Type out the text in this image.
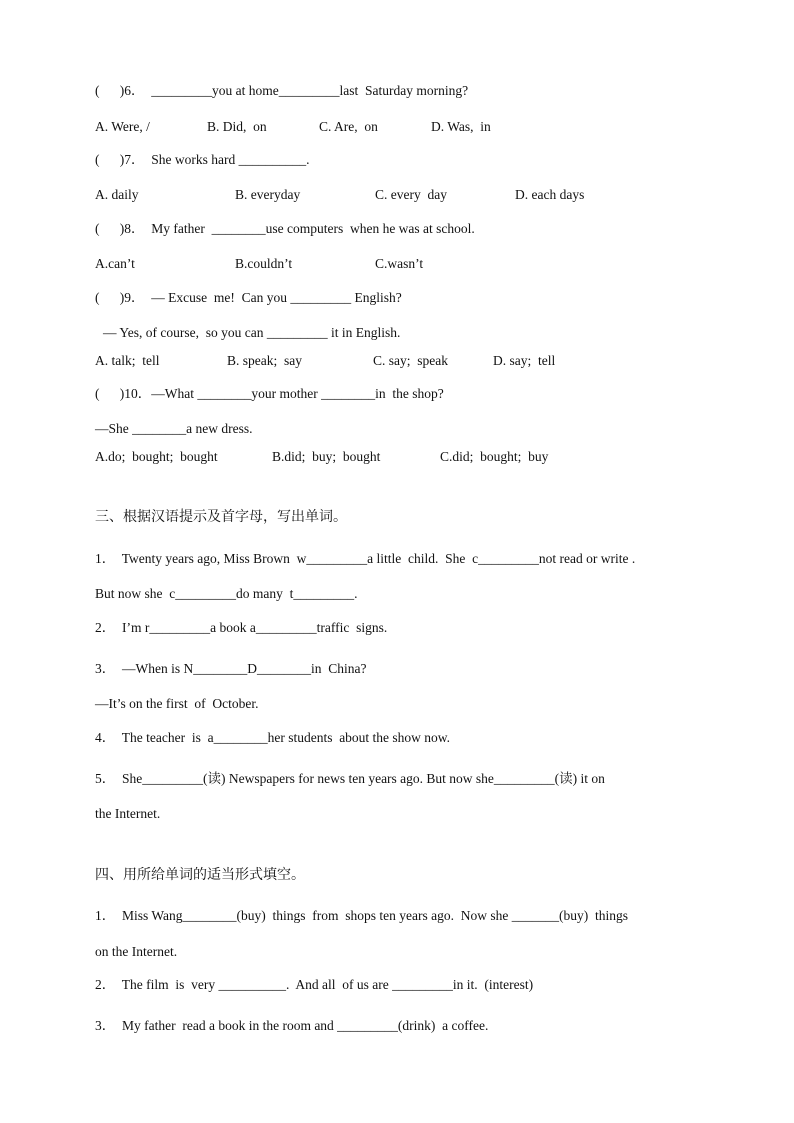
(      )6．  _________you at home_________last  Saturday morning?
A. Were, /	B. Did,  on	C. Are,  on	D. Was,  in
(      )7．  She works hard __________.
A. daily	B. everyday	C. every  day	D. each days
(      )8．  My father  ________use computers  when he was at school.
A.can’t	B.couldn’t	C.wasn’t
(      )9．  — Excuse  me!  Can you _________ English?
— Yes, of course,  so you can _________ it in English.
A. talk;  tell	B. speak;  say	C. say;  speak	D. say;  tell
(      )10．—What ________your mother ________in  the shop?
—She ________a new dress.
A.do;  bought;  bought	B.did;  buy;  bought	C.did;  bought;  buy
三、根据汉语提示及首字母，写出单词。
1．  Twenty years ago, Miss Brown  w_________a little  child.  She  c_________not read or write .
But now she  c_________do many  t_________.
2．  I’m r_________a book a_________traffic  signs.
3．  —When is N________D________in  China?
—It’s on the first  of  October.
4．  The teacher  is  a________her students  about the show now.
5．  She_________(读) Newspapers for news ten years ago. But now she_________(读) it on
the Internet.
四、用所给单词的适当形式填空。
1．  Miss Wang________(buy)  things  from  shops ten years ago.  Now she _______(buy)  things
on the Internet.
2．  The film  is  very __________.  And all  of us are _________in it.  (interest)
3．  My father  read a book in the room and _________(drink)  a coffee.
